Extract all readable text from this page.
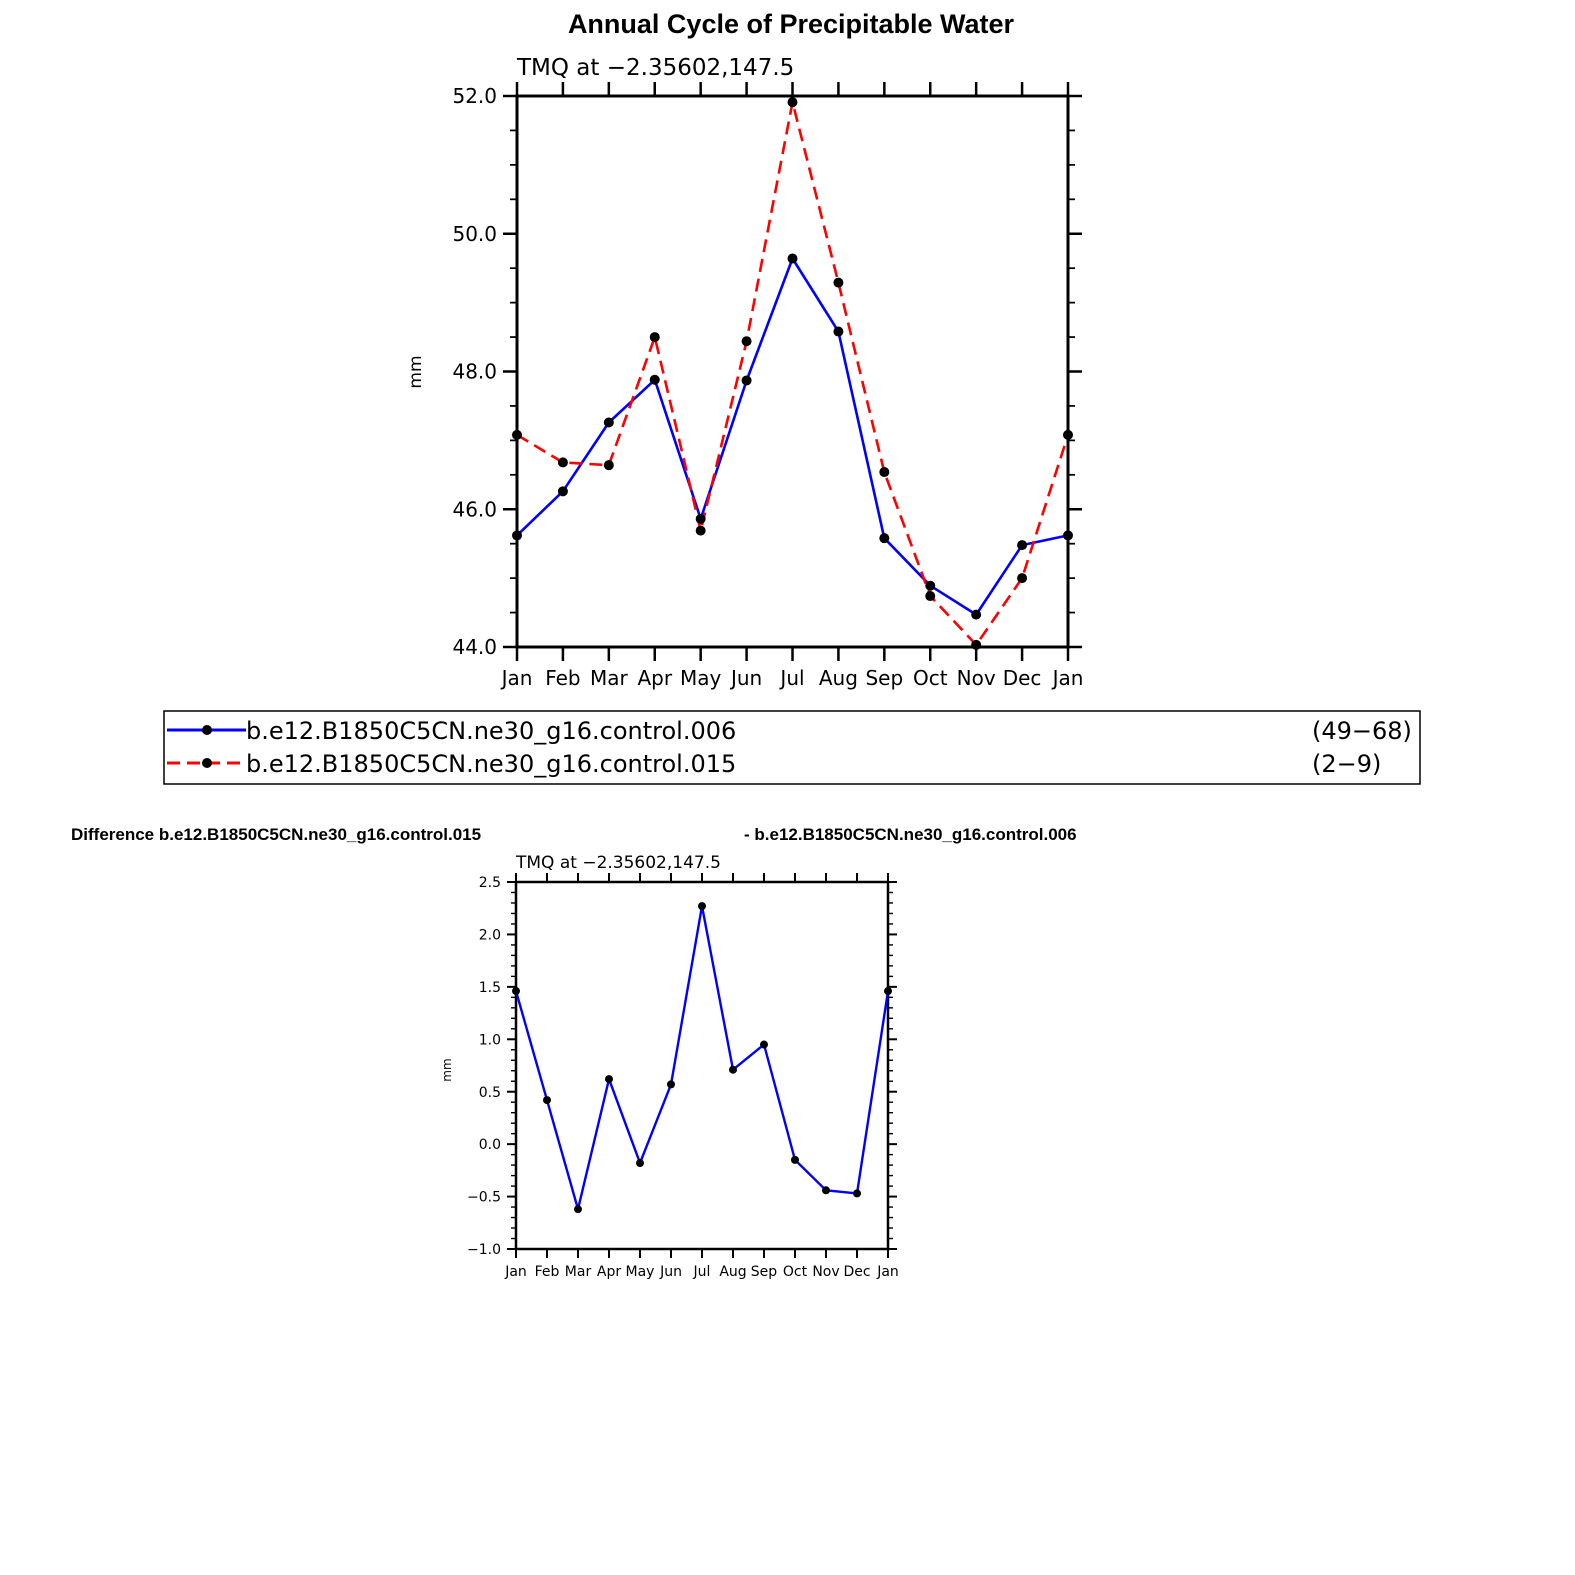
Annual Cycle of Precipitable Water
TMQ at −2.35602,147.5
mm
44.0
46.0
48.0
50.0
52.0
Jan Feb Mar Apr May Jun Jul Aug Sep Oct Nov Dec Jan
b.e12.B1850C5CN.ne30_g16.control.006	(49−68)
b.e12.B1850C5CN.ne30_g16.control.015	(2−9)
Difference b.e12.B1850C5CN.ne30_g16.control.015	- b.e12.B1850C5CN.ne30_g16.control.006
TMQ at −2.35602,147.5
mm
−1.0
−0.5
0.0
0.5
1.0
1.5
2.0
2.5
Jan Feb Mar Apr May Jun Jul Aug Sep Oct Nov Dec Jan
